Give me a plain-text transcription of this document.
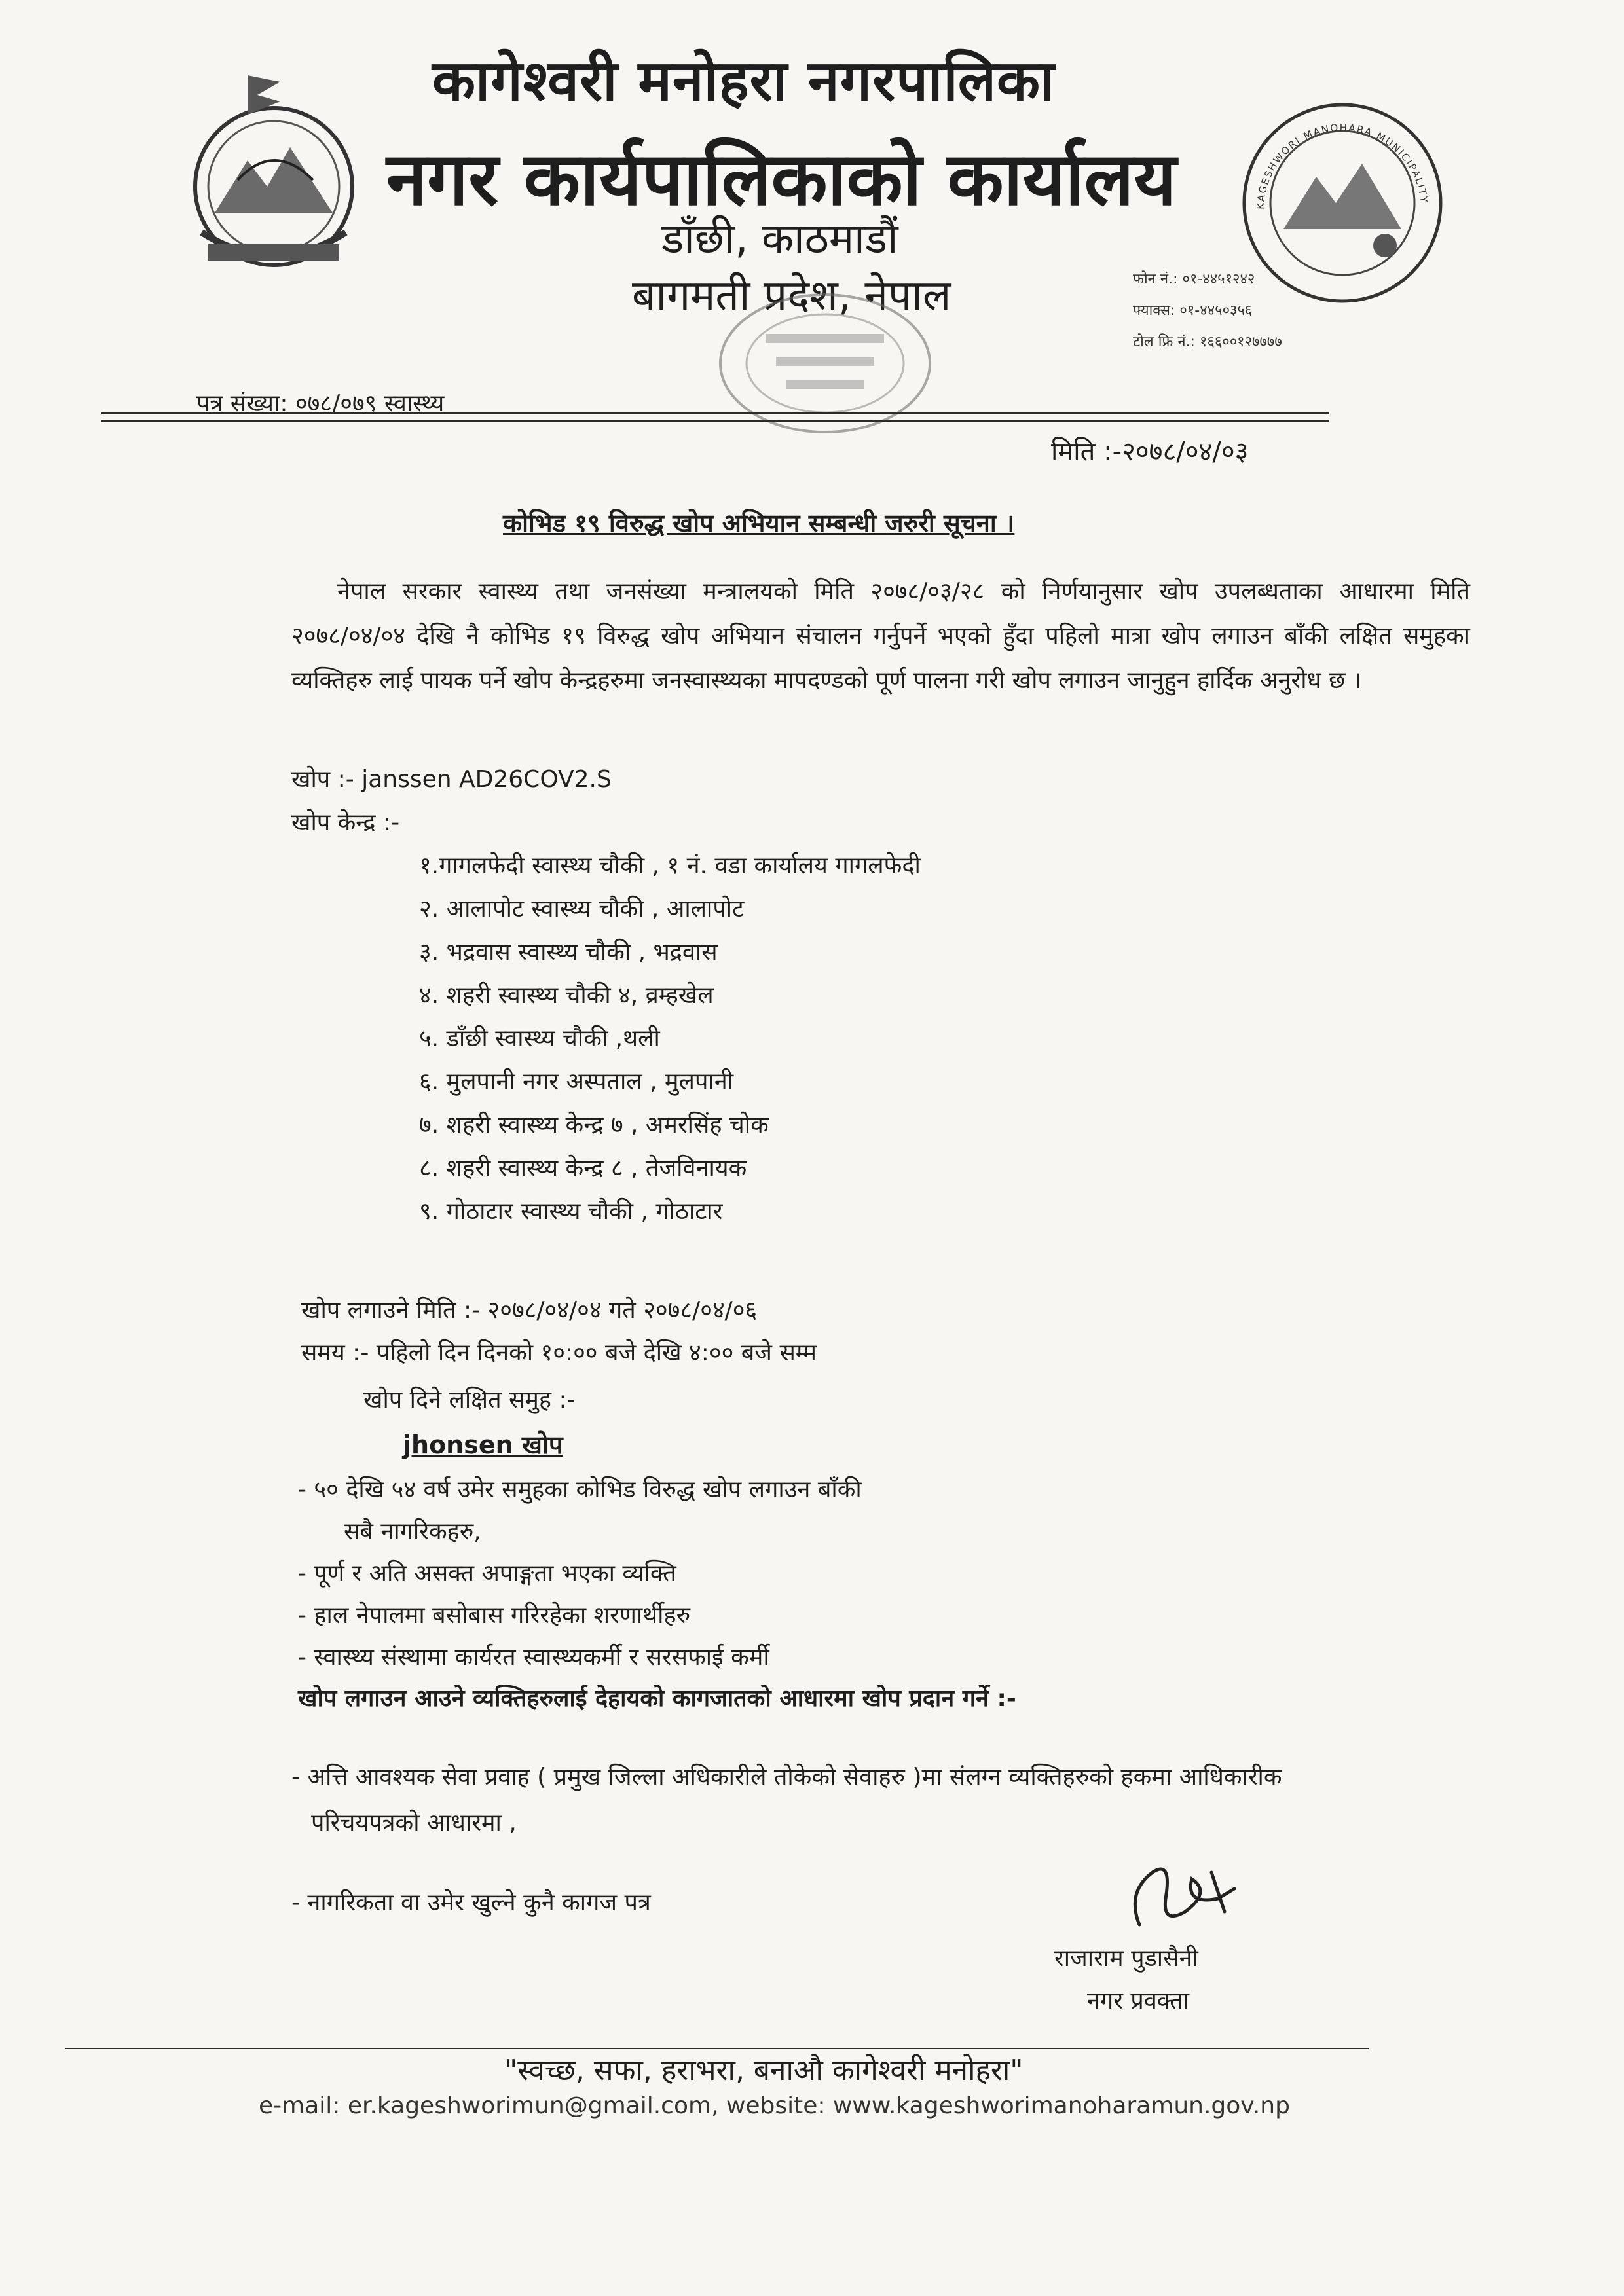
कागेश्वरी मनोहरा नगरपालिका
नगर कार्यपालिकाको कार्यालय
डाँछी, काठमाडौं
बागमती प्रदेश, नेपाल
KAGESHWORI MANOHARA MUNICIPALITY
फोन नं.: ०१-४४५१२४२
फ्याक्स: ०१-४४५०३५६
टोल फ्रि नं.: १६६००१२७७७७
पत्र संख्या: ०७८/०७९ स्वास्थ्य
मिति :-२०७८/०४/०३
कोभिड १९ विरुद्ध खोप अभियान सम्बन्धी जरुरी सूचना ।

नेपाल सरकार स्वास्थ्य तथा जनसंख्या मन्त्रालयको मिति २०७८/०३/२८ को निर्णयानुसार खोप उपलब्धताका आधारमा मिति २०७८/०४/०४ देखि नै कोभिड १९ विरुद्ध खोप अभियान संचालन गर्नुपर्ने भएको हुँदा पहिलो मात्रा खोप लगाउन बाँकी लक्षित समुहका व्यक्तिहरु लाई पायक पर्ने खोप केन्द्रहरुमा जनस्वास्थ्यका मापदण्डको पूर्ण पालना गरी खोप लगाउन जानुहुन हार्दिक अनुरोध छ ।

खोप :- janssen AD26COV2.S
खोप केन्द्र :-
१.गागलफेदी स्वास्थ्य चौकी , १ नं. वडा कार्यालय गागलफेदी
२. आलापोट स्वास्थ्य चौकी , आलापोट
३. भद्रवास स्वास्थ्य चौकी , भद्रवास
४. शहरी स्वास्थ्य चौकी ४, व्रम्हखेल
५. डाँछी स्वास्थ्य चौकी ,थली
६. मुलपानी नगर अस्पताल , मुलपानी
७. शहरी स्वास्थ्य केन्द्र ७ , अमरसिंह चोक
८. शहरी स्वास्थ्य केन्द्र ८ , तेजविनायक
९. गोठाटार स्वास्थ्य चौकी , गोठाटार
खोप लगाउने मिति :- २०७८/०४/०४ गते २०७८/०४/०६
समय :- पहिलो दिन दिनको १०:०० बजे देखि ४:०० बजे सम्म
खोप दिने लक्षित समुह :-
jhonsen खोप
- ५० देखि ५४ वर्ष उमेर समुहका कोभिड विरुद्ध खोप लगाउन बाँकी
सबै नागरिकहरु,
- पूर्ण र अति असक्त अपाङ्गता भएका व्यक्ति
- हाल नेपालमा बसोबास गरिरहेका शरणार्थीहरु
- स्वास्थ्य संस्थामा कार्यरत स्वास्थ्यकर्मी र सरसफाई कर्मी
खोप लगाउन आउने व्यक्तिहरुलाई देहायको कागजातको आधारमा खोप प्रदान गर्ने :-
- अत्ति आवश्यक सेवा प्रवाह ( प्रमुख जिल्ला अधिकारीले तोकेको सेवाहरु )मा संलग्न व्यक्तिहरुको हकमा आधिकारीक
परिचयपत्रको आधारमा ,
- नागरिकता वा उमेर खुल्ने कुनै कागज पत्र
राजाराम पुडासैनी
नगर प्रवक्ता
"स्वच्छ, सफा, हराभरा, बनाऔ कागेश्वरी मनोहरा"
e-mail: er.kageshworimun@gmail.com, website: www.kageshworimanoharamun.gov.np
